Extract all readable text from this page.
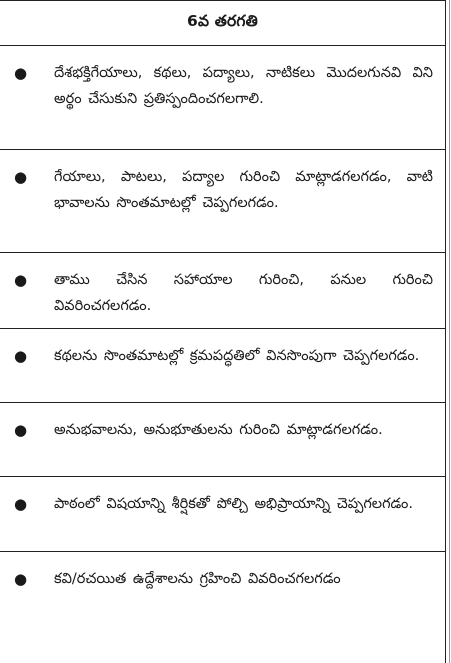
6వ తరగతి
●	దేశభక్తిగేయాలు, కథలు, పద్యాలు, నాటికలు మొదలగునవి విని అర్థం చేసుకుని ప్రతిస్పందించగలగాలి.
●	గేయాలు, పాటలు, పద్యాల గురించి మాట్లాడగలగడం, వాటి భావాలను సొంతమాటల్లో చెప్పగలగడం.
●	తాము చేసిన సహాయాల గురించి, పనుల గురించి వివరించగలగడం.
●	కథలను సొంతమాటల్లో క్రమపద్ధతిలో వినసొంపుగా చెప్పగలగడం.
●	అనుభవాలను, అనుభూతులను గురించి మాట్లాడగలగడం.
●	పాఠంలో విషయాన్ని శీర్షికతో పోల్చి అభిప్రాయాన్ని చెప్పగలగడం.
●	కవి/రచయిత ఉద్దేశాలను గ్రహించి వివరించగలగడం
